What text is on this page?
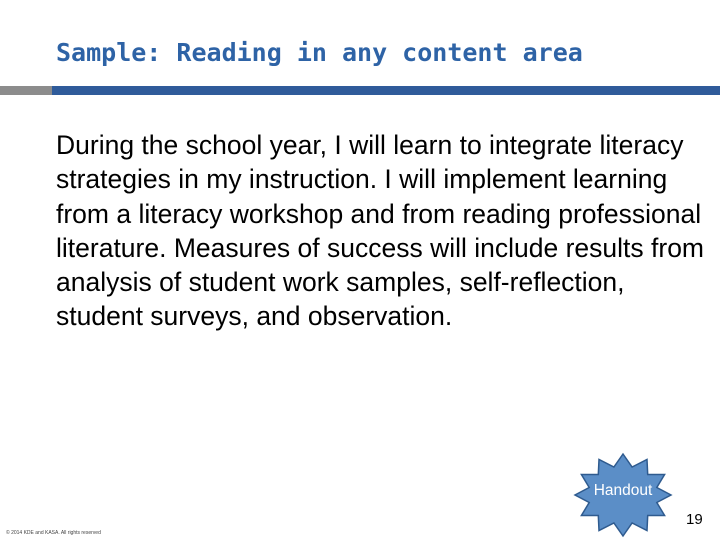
Sample: Reading in any content area

During the school year, I will learn to integrate literacy strategies in my instruction. I will implement learning from a literacy workshop and from reading professional literature. Measures of success will include results from analysis of student work samples, self-reflection, student surveys, and observation.

Handout
© 2014 KDE and KASA. All rights reserved
19
